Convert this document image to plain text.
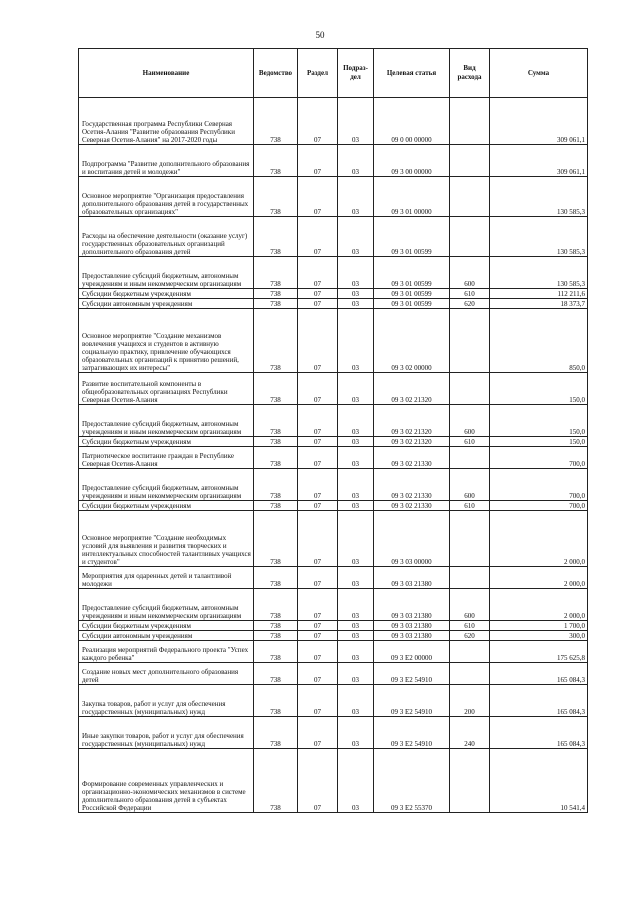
50
Наименование	Ведомство	Раздел	Подраз-дел	Целевая статья	Вид расхода	Сумма
Государственная программа Республики Северная Осетия-Алания "Развитие образования Республики Северная Осетия-Алания" на 2017-2020 годы	738	07	03	09 0 00 00000		309 061,1
Подпрограмма "Развитие дополнительного образования и воспитания детей и молодежи"	738	07	03	09 3 00 00000		309 061,1
Основное мероприятие "Организация предоставления дополнительного образования детей в государственных образовательных организациях"	738	07	03	09 3 01 00000		130 585,3
Расходы на обеспечение деятельности (оказание услуг) государственных образовательных организаций дополнительного образования детей	738	07	03	09 3 01 00599		130 585,3
Предоставление субсидий бюджетным, автономным учреждениям и иным некоммерческим организациям	738	07	03	09 3 01 00599	600	130 585,3
Субсидии бюджетным учреждениям	738	07	03	09 3 01 00599	610	112 211,6
Субсидии автономным учреждениям	738	07	03	09 3 01 00599	620	18 373,7
Основное мероприятие "Создание механизмов вовлечения учащихся и студентов в активную социальную практику, привлечение обучающихся образовательных организаций к принятию решений, затрагивающих их интересы"	738	07	03	09 3 02 00000		850,0
Развитие воспитательной компоненты в общеобразовательных организациях Республики Северная Осетия-Алания	738	07	03	09 3 02 21320		150,0
Предоставление субсидий бюджетным, автономным учреждениям и иным некоммерческим организациям	738	07	03	09 3 02 21320	600	150,0
Субсидии бюджетным учреждениям	738	07	03	09 3 02 21320	610	150,0
Патриотическое воспитание граждан в Республике Северная Осетия-Алания	738	07	03	09 3 02 21330		700,0
Предоставление субсидий бюджетным, автономным учреждениям и иным некоммерческим организациям	738	07	03	09 3 02 21330	600	700,0
Субсидии бюджетным учреждениям	738	07	03	09 3 02 21330	610	700,0
Основное мероприятие "Создание необходимых условий для выявления и развития творческих и интеллектуальных способностей талантливых учащихся и студентов"	738	07	03	09 3 03 00000		2 000,0
Мероприятия для одаренных детей и талантливой молодежи	738	07	03	09 3 03 21380		2 000,0
Предоставление субсидий бюджетным, автономным учреждениям и иным некоммерческим организациям	738	07	03	09 3 03 21380	600	2 000,0
Субсидии бюджетным учреждениям	738	07	03	09 3 03 21380	610	1 700,0
Субсидии автономным учреждениям	738	07	03	09 3 03 21380	620	300,0
Реализация мероприятий Федерального проекта "Успех каждого ребенка"	738	07	03	09 3 E2 00000		175 625,8
Создание новых мест дополнительного образования детей	738	07	03	09 3 E2 54910		165 084,3
Закупка товаров, работ и услуг для обеспечения государственных (муниципальных) нужд	738	07	03	09 3 E2 54910	200	165 084,3
Иные закупки товаров, работ и услуг для обеспечения государственных (муниципальных) нужд	738	07	03	09 3 E2 54910	240	165 084,3
Формирование современных управленческих и организационно-экономических механизмов в системе дополнительного образования детей в субъектах Российской Федерации	738	07	03	09 3 E2 55370		10 541,4
